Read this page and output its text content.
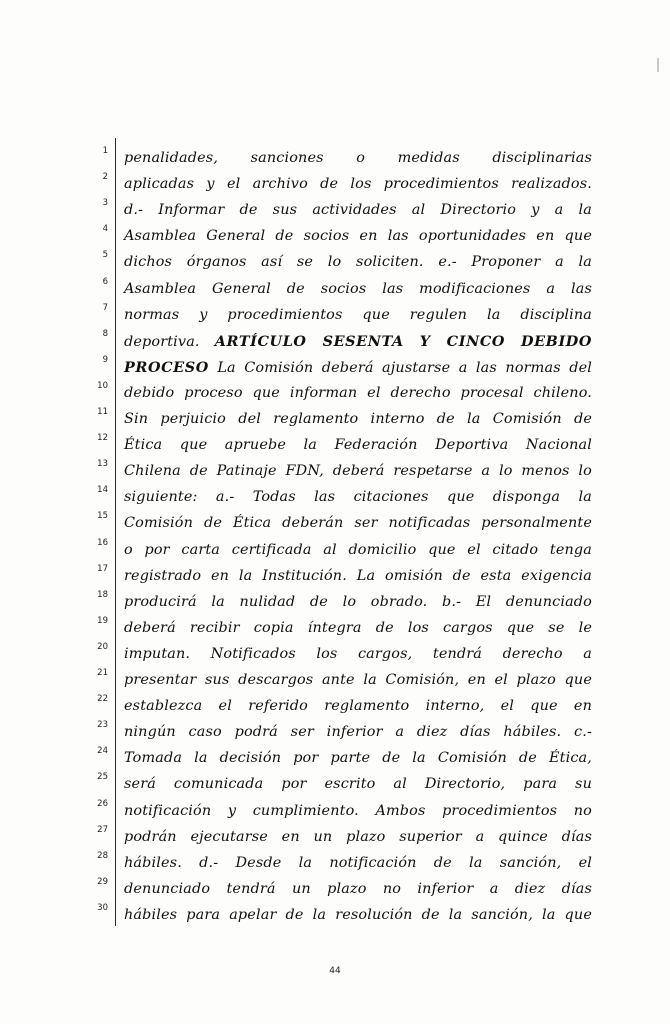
1 penalidades, sanciones o medidas disciplinarias
2 aplicadas y el archivo de los procedimientos realizados.
3 d.- Informar de sus actividades al Directorio y a la
4 Asamblea General de socios en las oportunidades en que
5 dichos órganos así se lo soliciten. e.- Proponer a la
6 Asamblea General de socios las modificaciones a las
7 normas y procedimientos que regulen la disciplina
8 deportiva. ARTÍCULO SESENTA Y CINCO DEBIDO
9 PROCESO La Comisión deberá ajustarse a las normas del
10 debido proceso que informan el derecho procesal chileno.
11 Sin perjuicio del reglamento interno de la Comisión de
12 Ética que apruebe la Federación Deportiva Nacional
13 Chilena de Patinaje FDN, deberá respetarse a lo menos lo
14 siguiente: a.- Todas las citaciones que disponga la
15 Comisión de Ética deberán ser notificadas personalmente
16 o por carta certificada al domicilio que el citado tenga
17 registrado en la Institución. La omisión de esta exigencia
18 producirá la nulidad de lo obrado. b.- El denunciado
19 deberá recibir copia íntegra de los cargos que se le
20 imputan. Notificados los cargos, tendrá derecho a
21 presentar sus descargos ante la Comisión, en el plazo que
22 establezca el referido reglamento interno, el que en
23 ningún caso podrá ser inferior a diez días hábiles. c.-
24 Tomada la decisión por parte de la Comisión de Ética,
25 será comunicada por escrito al Directorio, para su
26 notificación y cumplimiento. Ambos procedimientos no
27 podrán ejecutarse en un plazo superior a quince días
28 hábiles. d.- Desde la notificación de la sanción, el
29 denunciado tendrá un plazo no inferior a diez días
30 hábiles para apelar de la resolución de la sanción, la que
44
